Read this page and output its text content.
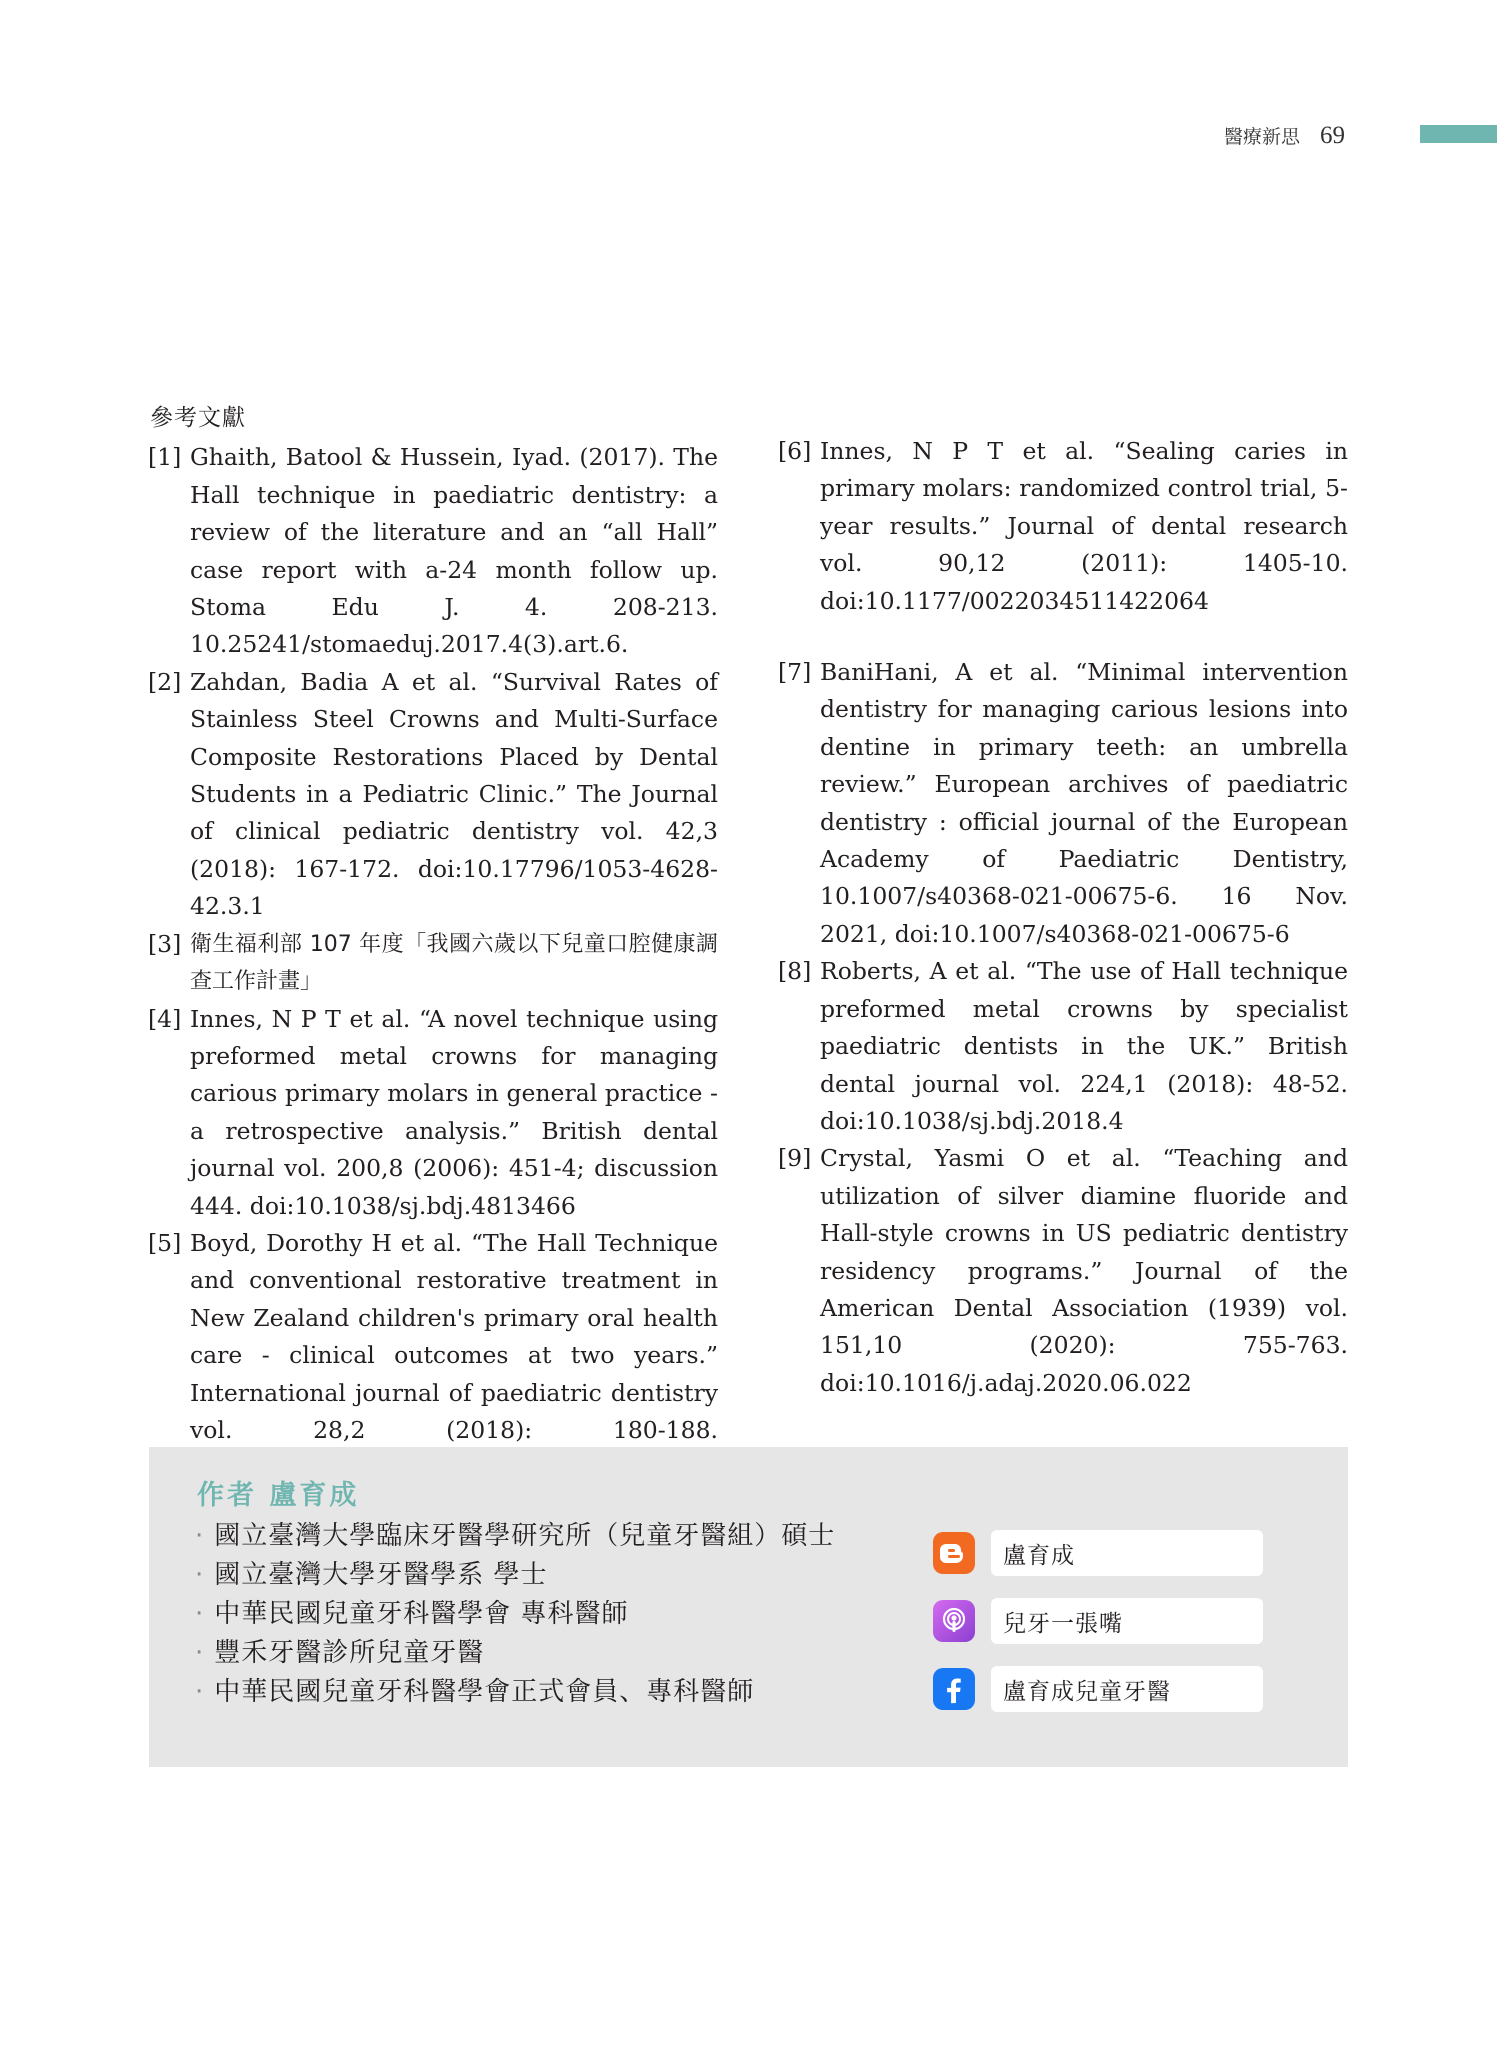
醫療新思 69
參考文獻
[1] Ghaith, Batool & Hussein, Iyad. (2017). The Hall technique in paediatric dentistry: a review of the literature and an “all Hall” case report with a-24 month follow up. Stoma Edu J. 4. 208-213. 10.25241/stomaeduj.2017.4(3).art.6.
[2] Zahdan, Badia A et al. “Survival Rates of Stainless Steel Crowns and Multi-Surface Composite Restorations Placed by Dental Students in a Pediatric Clinic.” The Journal of clinical pediatric dentistry vol. 42,3 (2018): 167-172. doi:10.17796/1053-4628-42.3.1
[3] 衛生福利部 107 年度「我國六歲以下兒童口腔健康調查工作計畫」
[4] Innes, N P T et al. “A novel technique using preformed metal crowns for managing carious primary molars in general practice - a retrospective analysis.” British dental journal vol. 200,8 (2006): 451-4; discussion 444. doi:10.1038/sj.bdj.4813466
[5] Boyd, Dorothy H et al. “The Hall Technique and conventional restorative treatment in New Zealand children's primary oral health care - clinical outcomes at two years.” International journal of paediatric dentistry vol. 28,2 (2018): 180-188.
[6] Innes, N P T et al. “Sealing caries in primary molars: randomized control trial, 5-year results.” Journal of dental research vol. 90,12 (2011): 1405-10. doi:10.1177/0022034511422064
[7] BaniHani, A et al. “Minimal intervention dentistry for managing carious lesions into dentine in primary teeth: an umbrella review.” European archives of paediatric dentistry : official journal of the European Academy of Paediatric Dentistry, 10.1007/s40368-021-00675-6. 16 Nov. 2021, doi:10.1007/s40368-021-00675-6
[8] Roberts, A et al. “The use of Hall technique preformed metal crowns by specialist paediatric dentists in the UK.” British dental journal vol. 224,1 (2018): 48-52. doi:10.1038/sj.bdj.2018.4
[9] Crystal, Yasmi O et al. “Teaching and utilization of silver diamine fluoride and Hall-style crowns in US pediatric dentistry residency programs.” Journal of the American Dental Association (1939) vol. 151,10 (2020): 755-763. doi:10.1016/j.adaj.2020.06.022
作者 盧育成
· 國立臺灣大學臨床牙醫學研究所（兒童牙醫組）碩士
· 國立臺灣大學牙醫學系 學士
· 中華民國兒童牙科醫學會 專科醫師
· 豐禾牙醫診所兒童牙醫
· 中華民國兒童牙科醫學會正式會員、專科醫師
盧育成
兒牙一張嘴
盧育成兒童牙醫
